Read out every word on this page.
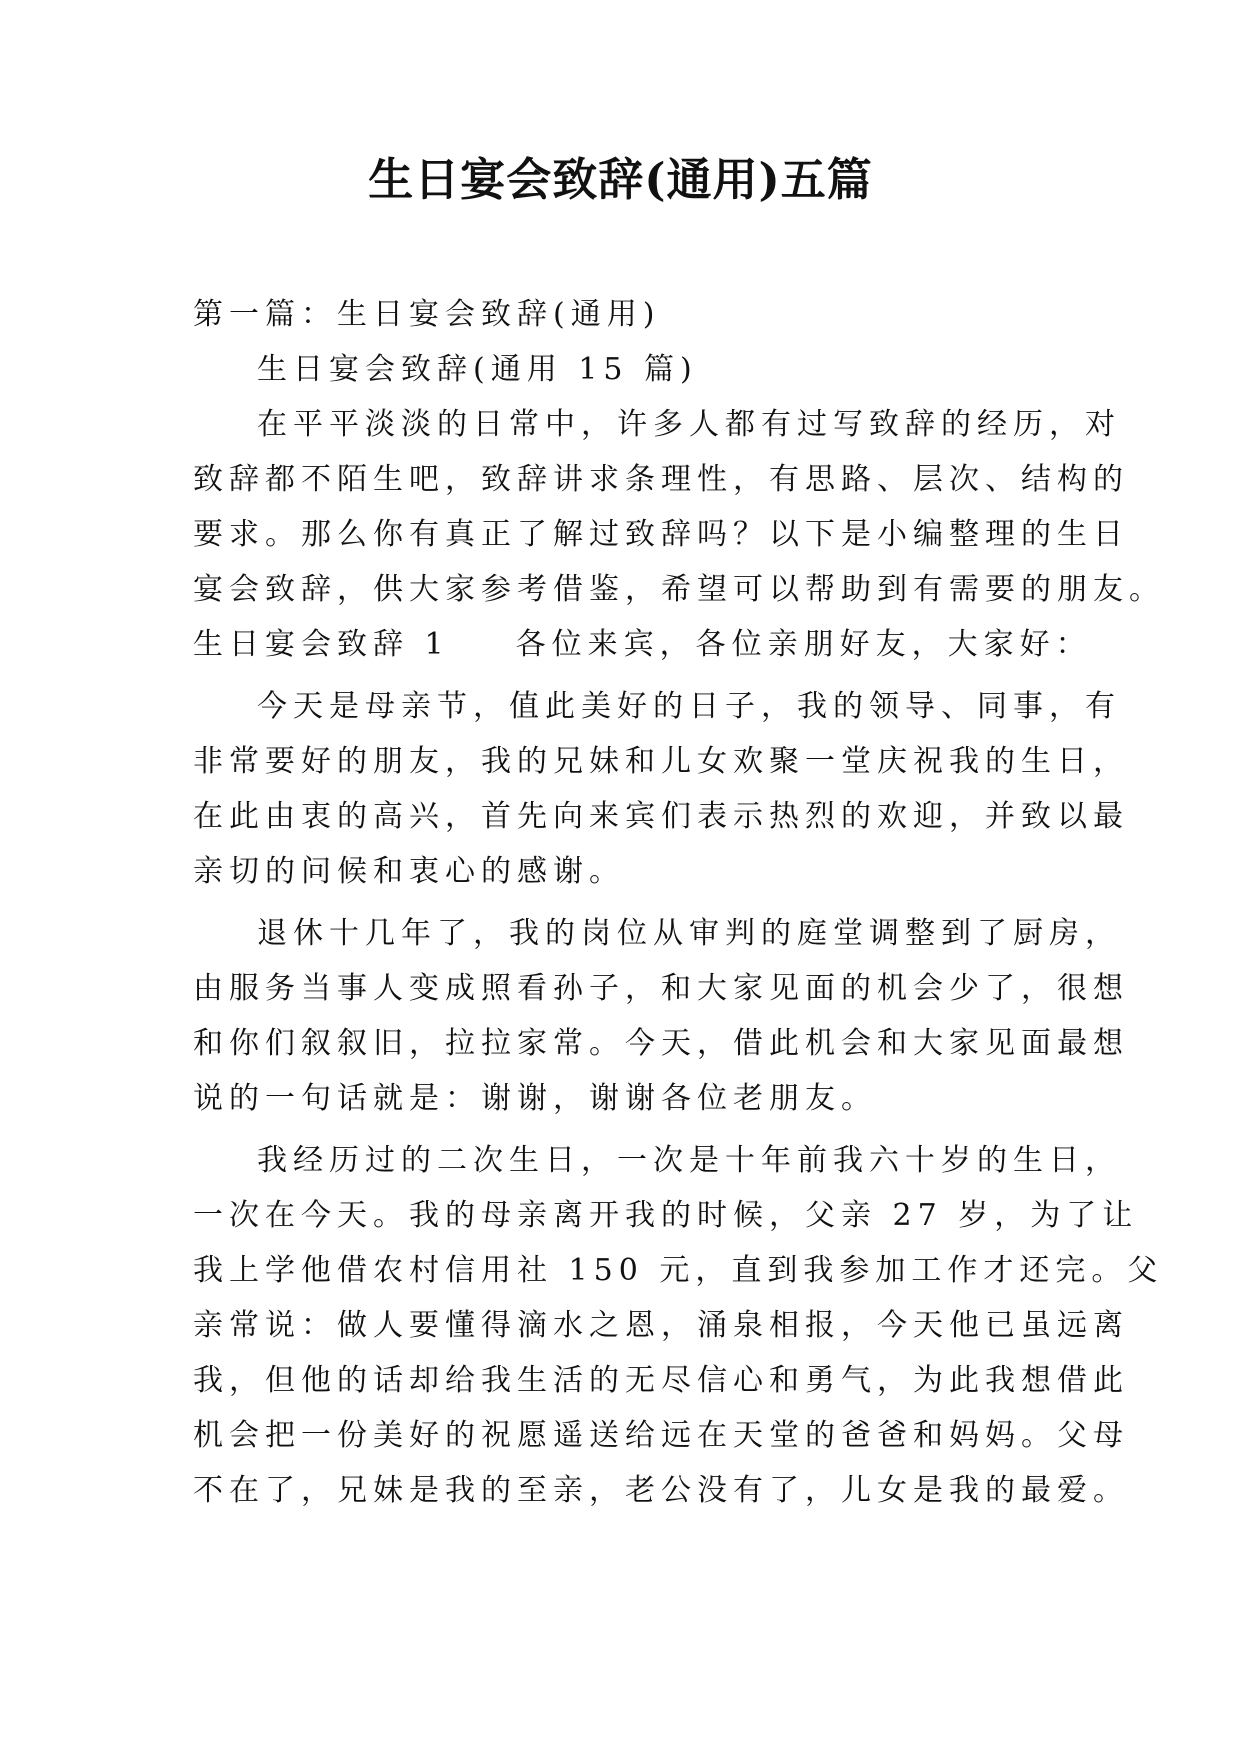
生日宴会致辞(通用)五篇
第一篇：生日宴会致辞(通用)
生日宴会致辞(通用 15 篇)
在平平淡淡的日常中，许多人都有过写致辞的经历，对
致辞都不陌生吧，致辞讲求条理性，有思路、层次、结构的
要求。那么你有真正了解过致辞吗？以下是小编整理的生日
宴会致辞，供大家参考借鉴，希望可以帮助到有需要的朋友。
生日宴会致辞 1 各位来宾，各位亲朋好友，大家好：
今天是母亲节，值此美好的日子，我的领导、同事，有
非常要好的朋友，我的兄妹和儿女欢聚一堂庆祝我的生日，
在此由衷的高兴，首先向来宾们表示热烈的欢迎，并致以最
亲切的问候和衷心的感谢。
退休十几年了，我的岗位从审判的庭堂调整到了厨房，
由服务当事人变成照看孙子，和大家见面的机会少了，很想
和你们叙叙旧，拉拉家常。今天，借此机会和大家见面最想
说的一句话就是：谢谢，谢谢各位老朋友。
我经历过的二次生日，一次是十年前我六十岁的生日，
一次在今天。我的母亲离开我的时候，父亲 27 岁，为了让
我上学他借农村信用社 150 元，直到我参加工作才还完。父
亲常说：做人要懂得滴水之恩，涌泉相报，今天他已虽远离
我，但他的话却给我生活的无尽信心和勇气，为此我想借此
机会把一份美好的祝愿遥送给远在天堂的爸爸和妈妈。父母
不在了，兄妹是我的至亲，老公没有了，儿女是我的最爱。
